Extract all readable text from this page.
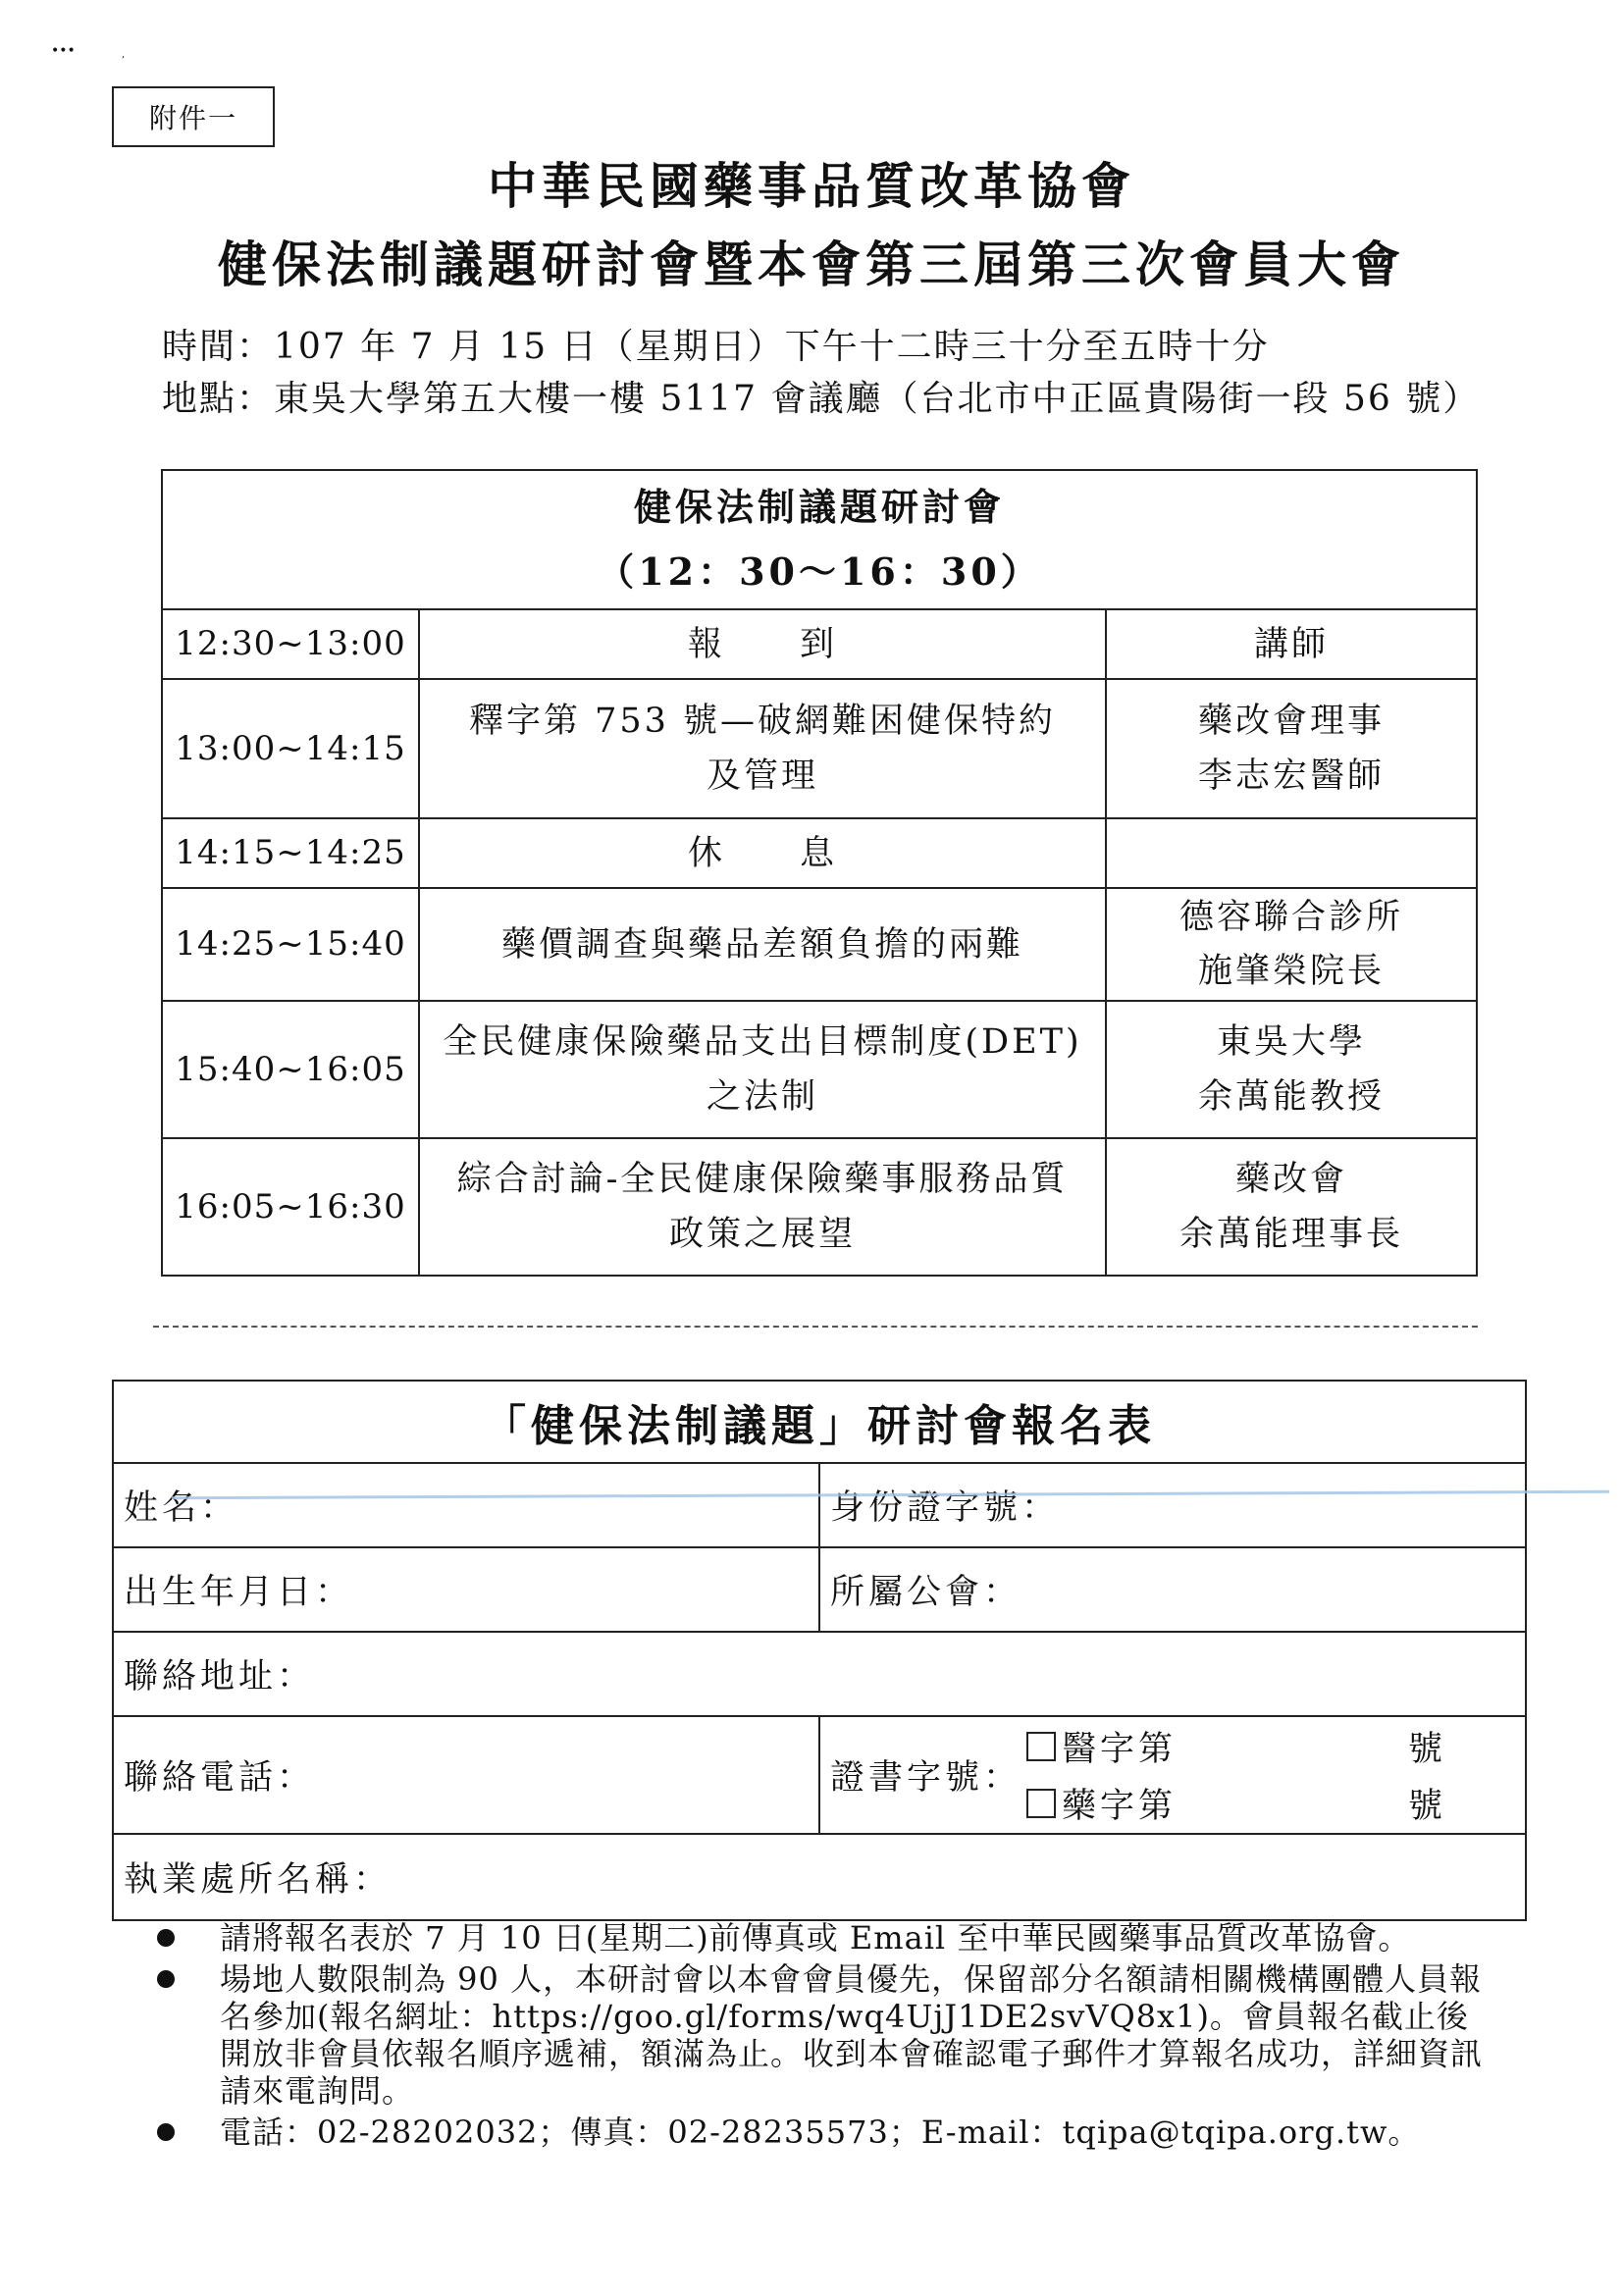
•••	,
附件一
中華民國藥事品質改革協會
健保法制議題研討會暨本會第三屆第三次會員大會
時間：107 年 7 月 15 日（星期日）下午十二時三十分至五時十分
地點：東吳大學第五大樓一樓 5117 會議廳（台北市中正區貴陽街一段 56 號）
健保法制議題研討會
（12：30～16：30）		

12:30~13:00	報　　到	講師
13:00~14:15	釋字第 753 號—破網難困健保特約及管理	藥改會理事
李志宏醫師
14:15~14:25	休　　息	
14:25~15:40	藥價調查與藥品差額負擔的兩難	德容聯合診所
施肇榮院長
15:40~16:05	全民健康保險藥品支出目標制度(DET)之法制	東吳大學
余萬能教授
16:05~16:30	綜合討論-全民健康保險藥事服務品質政策之展望	藥改會
余萬能理事長
「健保法制議題」研討會報名表	
姓名：	身份證字號：
出生年月日：	所屬公會：
聯絡地址：	
聯絡電話：	證書字號：
醫字第 號
藥字第 號

執業處所名稱：	
請將報名表於 7 月 10 日(星期二)前傳真或 Email 至中華民國藥事品質改革協會。
場地人數限制為 90 人，本研討會以本會會員優先，保留部分名額請相關機構團體人員報名參加(報名網址：https://goo.gl/forms/wq4UjJ1DE2svVQ8x1)。會員報名截止後開放非會員依報名順序遞補，額滿為止。收到本會確認電子郵件才算報名成功，詳細資訊請來電詢問。
電話：02-28202032；傳真：02-28235573；E-mail：tqipa@tqipa.org.tw。
